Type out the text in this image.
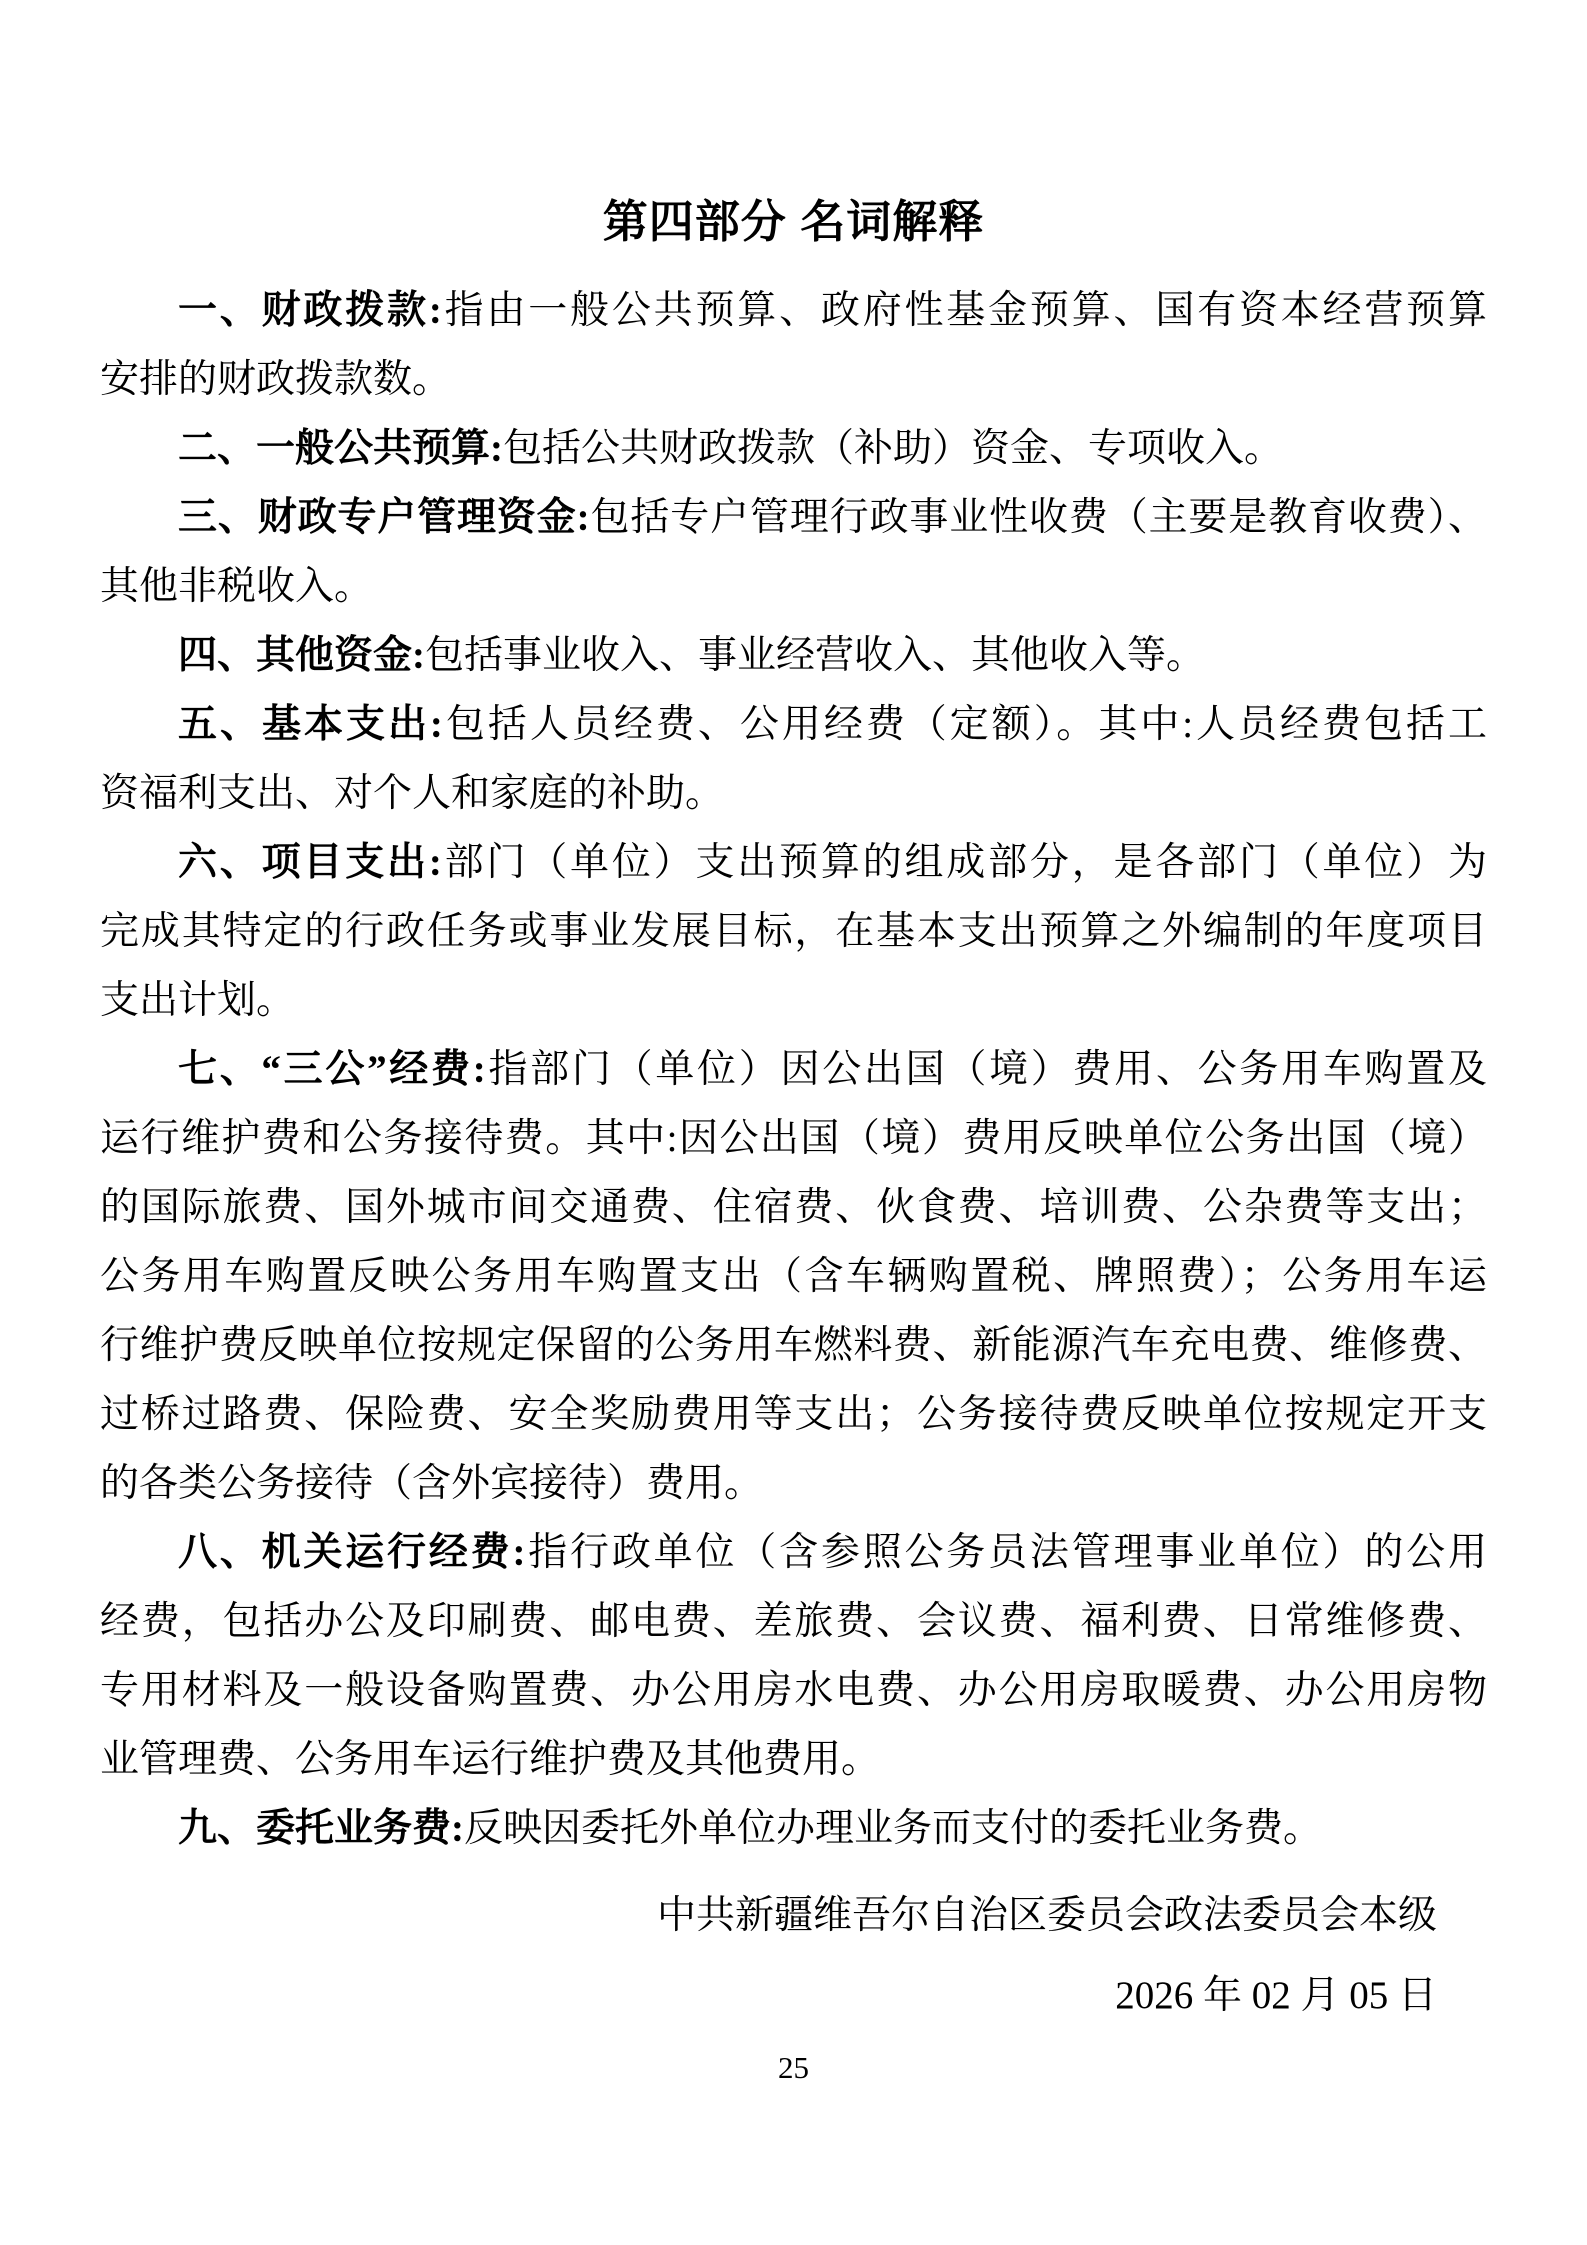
第四部分 名词解释
一、财政拨款:指由一般公共预算、政府性基金预算、国有资本经营预算
安排的财政拨款数。
二、一般公共预算:包括公共财政拨款（补助）资金、专项收入。
三、财政专户管理资金:包括专户管理行政事业性收费（主要是教育收费）、
其他非税收入。
四、其他资金:包括事业收入、事业经营收入、其他收入等。
五、基本支出:包括人员经费、公用经费（定额）。其中:人员经费包括工
资福利支出、对个人和家庭的补助。
六、项目支出:部门（单位）支出预算的组成部分，是各部门（单位）为
完成其特定的行政任务或事业发展目标，在基本支出预算之外编制的年度项目
支出计划。
七、“三公”经费:指部门（单位）因公出国（境）费用、公务用车购置及
运行维护费和公务接待费。其中:因公出国（境）费用反映单位公务出国（境）
的国际旅费、国外城市间交通费、住宿费、伙食费、培训费、公杂费等支出；
公务用车购置反映公务用车购置支出（含车辆购置税、牌照费）；公务用车运
行维护费反映单位按规定保留的公务用车燃料费、新能源汽车充电费、维修费、
过桥过路费、保险费、安全奖励费用等支出；公务接待费反映单位按规定开支
的各类公务接待（含外宾接待）费用。
八、机关运行经费:指行政单位（含参照公务员法管理事业单位）的公用
经费，包括办公及印刷费、邮电费、差旅费、会议费、福利费、日常维修费、
专用材料及一般设备购置费、办公用房水电费、办公用房取暖费、办公用房物
业管理费、公务用车运行维护费及其他费用。
九、委托业务费:反映因委托外单位办理业务而支付的委托业务费。
中共新疆维吾尔自治区委员会政法委员会本级
2026 年 02 月 05 日
25
